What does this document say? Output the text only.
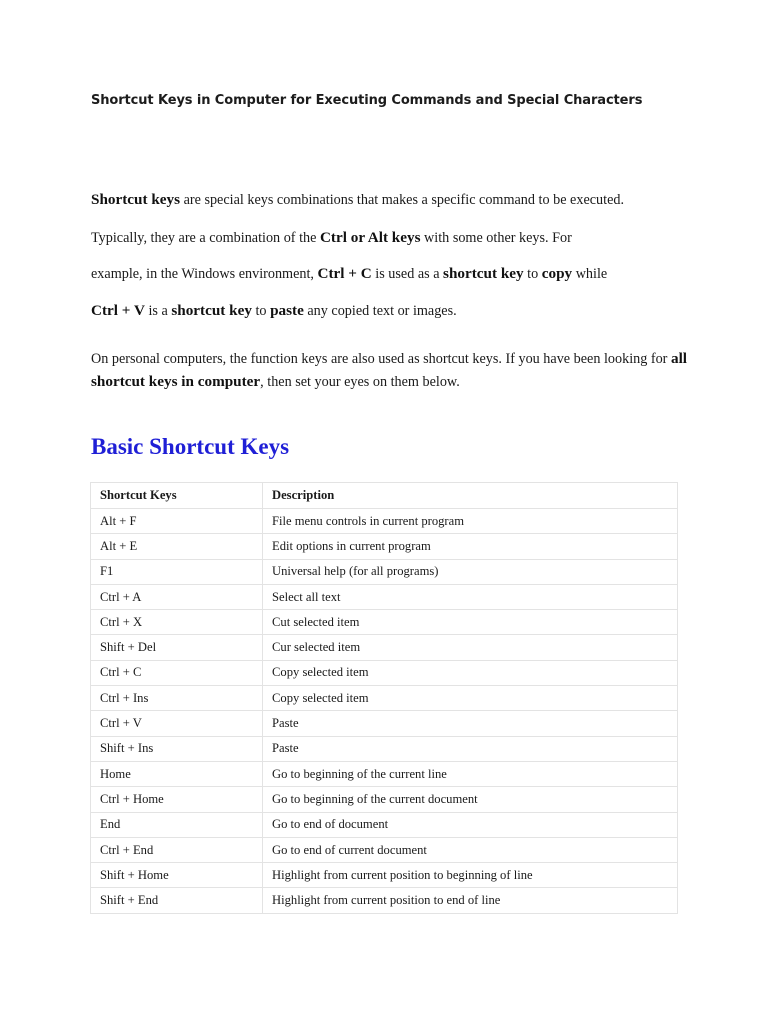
Shortcut Keys in Computer for Executing Commands and Special Characters
Shortcut keys are special keys combinations that makes a specific command to be executed.
Typically, they are a combination of the Ctrl or Alt keys with some other keys. For
example, in the Windows environment, Ctrl + C is used as a shortcut key to copy while
Ctrl + V is a shortcut key to paste any copied text or images.
On personal computers, the function keys are also used as shortcut keys. If you have been looking for all shortcut keys in computer, then set your eyes on them below.
Basic Shortcut Keys
Shortcut Keys	Description
Alt + F	File menu controls in current program
Alt + E	Edit options in current program
F1	Universal help (for all programs)
Ctrl + A	Select all text
Ctrl + X	Cut selected item
Shift + Del	Cur selected item
Ctrl + C	Copy selected item
Ctrl + Ins	Copy selected item
Ctrl + V	Paste
Shift + Ins	Paste
Home	Go to beginning of the current line
Ctrl + Home	Go to beginning of the current document
End	Go to end of document
Ctrl + End	Go to end of current document
Shift + Home	Highlight from current position to beginning of line
Shift + End	Highlight from current position to end of line
